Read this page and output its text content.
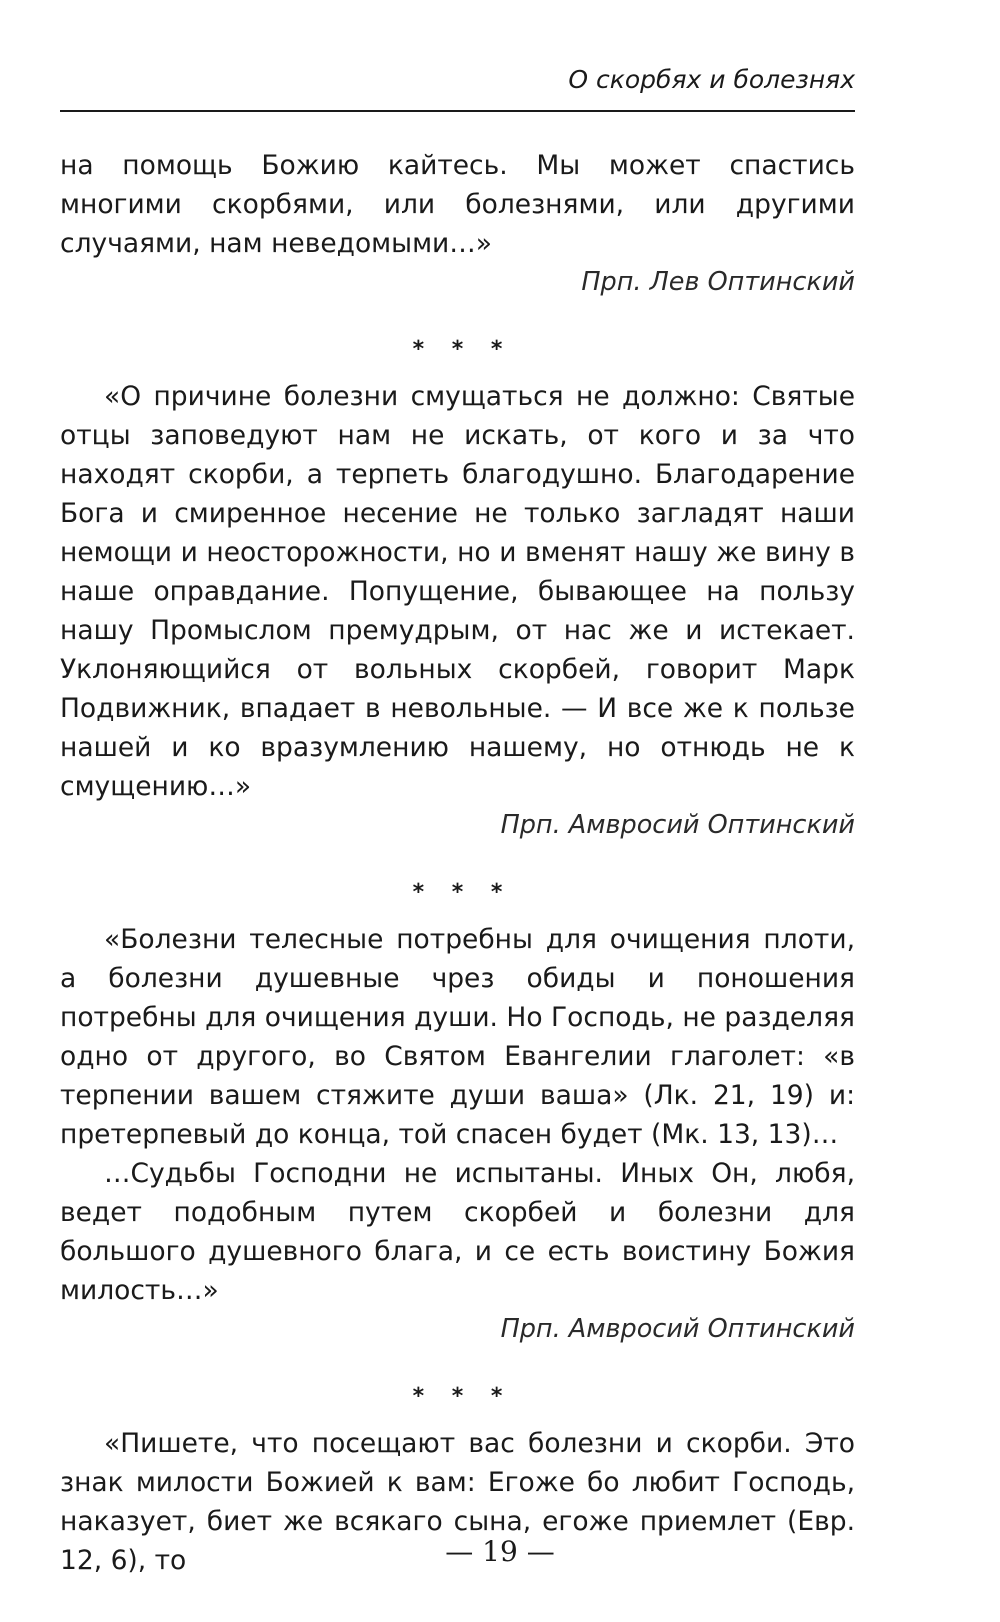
О скорбях и болезнях

на помощь Божию кайтесь. Мы может спастись многими скорбями, или болезнями, или другими случаями, нам неведомыми…»

Прп. Лев Оптинский

* * *

«О причине болезни смущаться не должно: Святые отцы заповедуют нам не искать, от кого и за что находят скорби, а терпеть благодушно. Благодарение Бога и смиренное несение не только загладят наши немощи и неосторожности, но и вменят нашу же вину в наше оправдание. Попущение, бывающее на пользу нашу Промыслом премудрым, от нас же и истекает. Уклоняющийся от вольных скорбей, говорит Марк Подвижник, впадает в невольные. — И все же к пользе нашей и ко вразумлению нашему, но отнюдь не к смущению…»

Прп. Амвросий Оптинский

* * *

«Болезни телесные потребны для очищения плоти, а болезни душевные чрез обиды и поношения потребны для очищения души. Но Господь, не разделяя одно от другого, во Святом Евангелии глаголет: «в терпении вашем стяжите души ваша» (Лк. 21, 19) и: претерпевый до конца, той спасен будет (Мк. 13, 13)…

…Судьбы Господни не испытаны. Иных Он, любя, ведет подобным путем скорбей и болезни для большого душевного блага, и се есть воистину Божия милость…»

Прп. Амвросий Оптинский

* * *

«Пишете, что посещают вас болезни и скорби. Это знак милости Божией к вам: Егоже бо любит Господь, наказует, биет же всякаго сына, егоже приемлет (Евр. 12, 6), то	— 19 —
